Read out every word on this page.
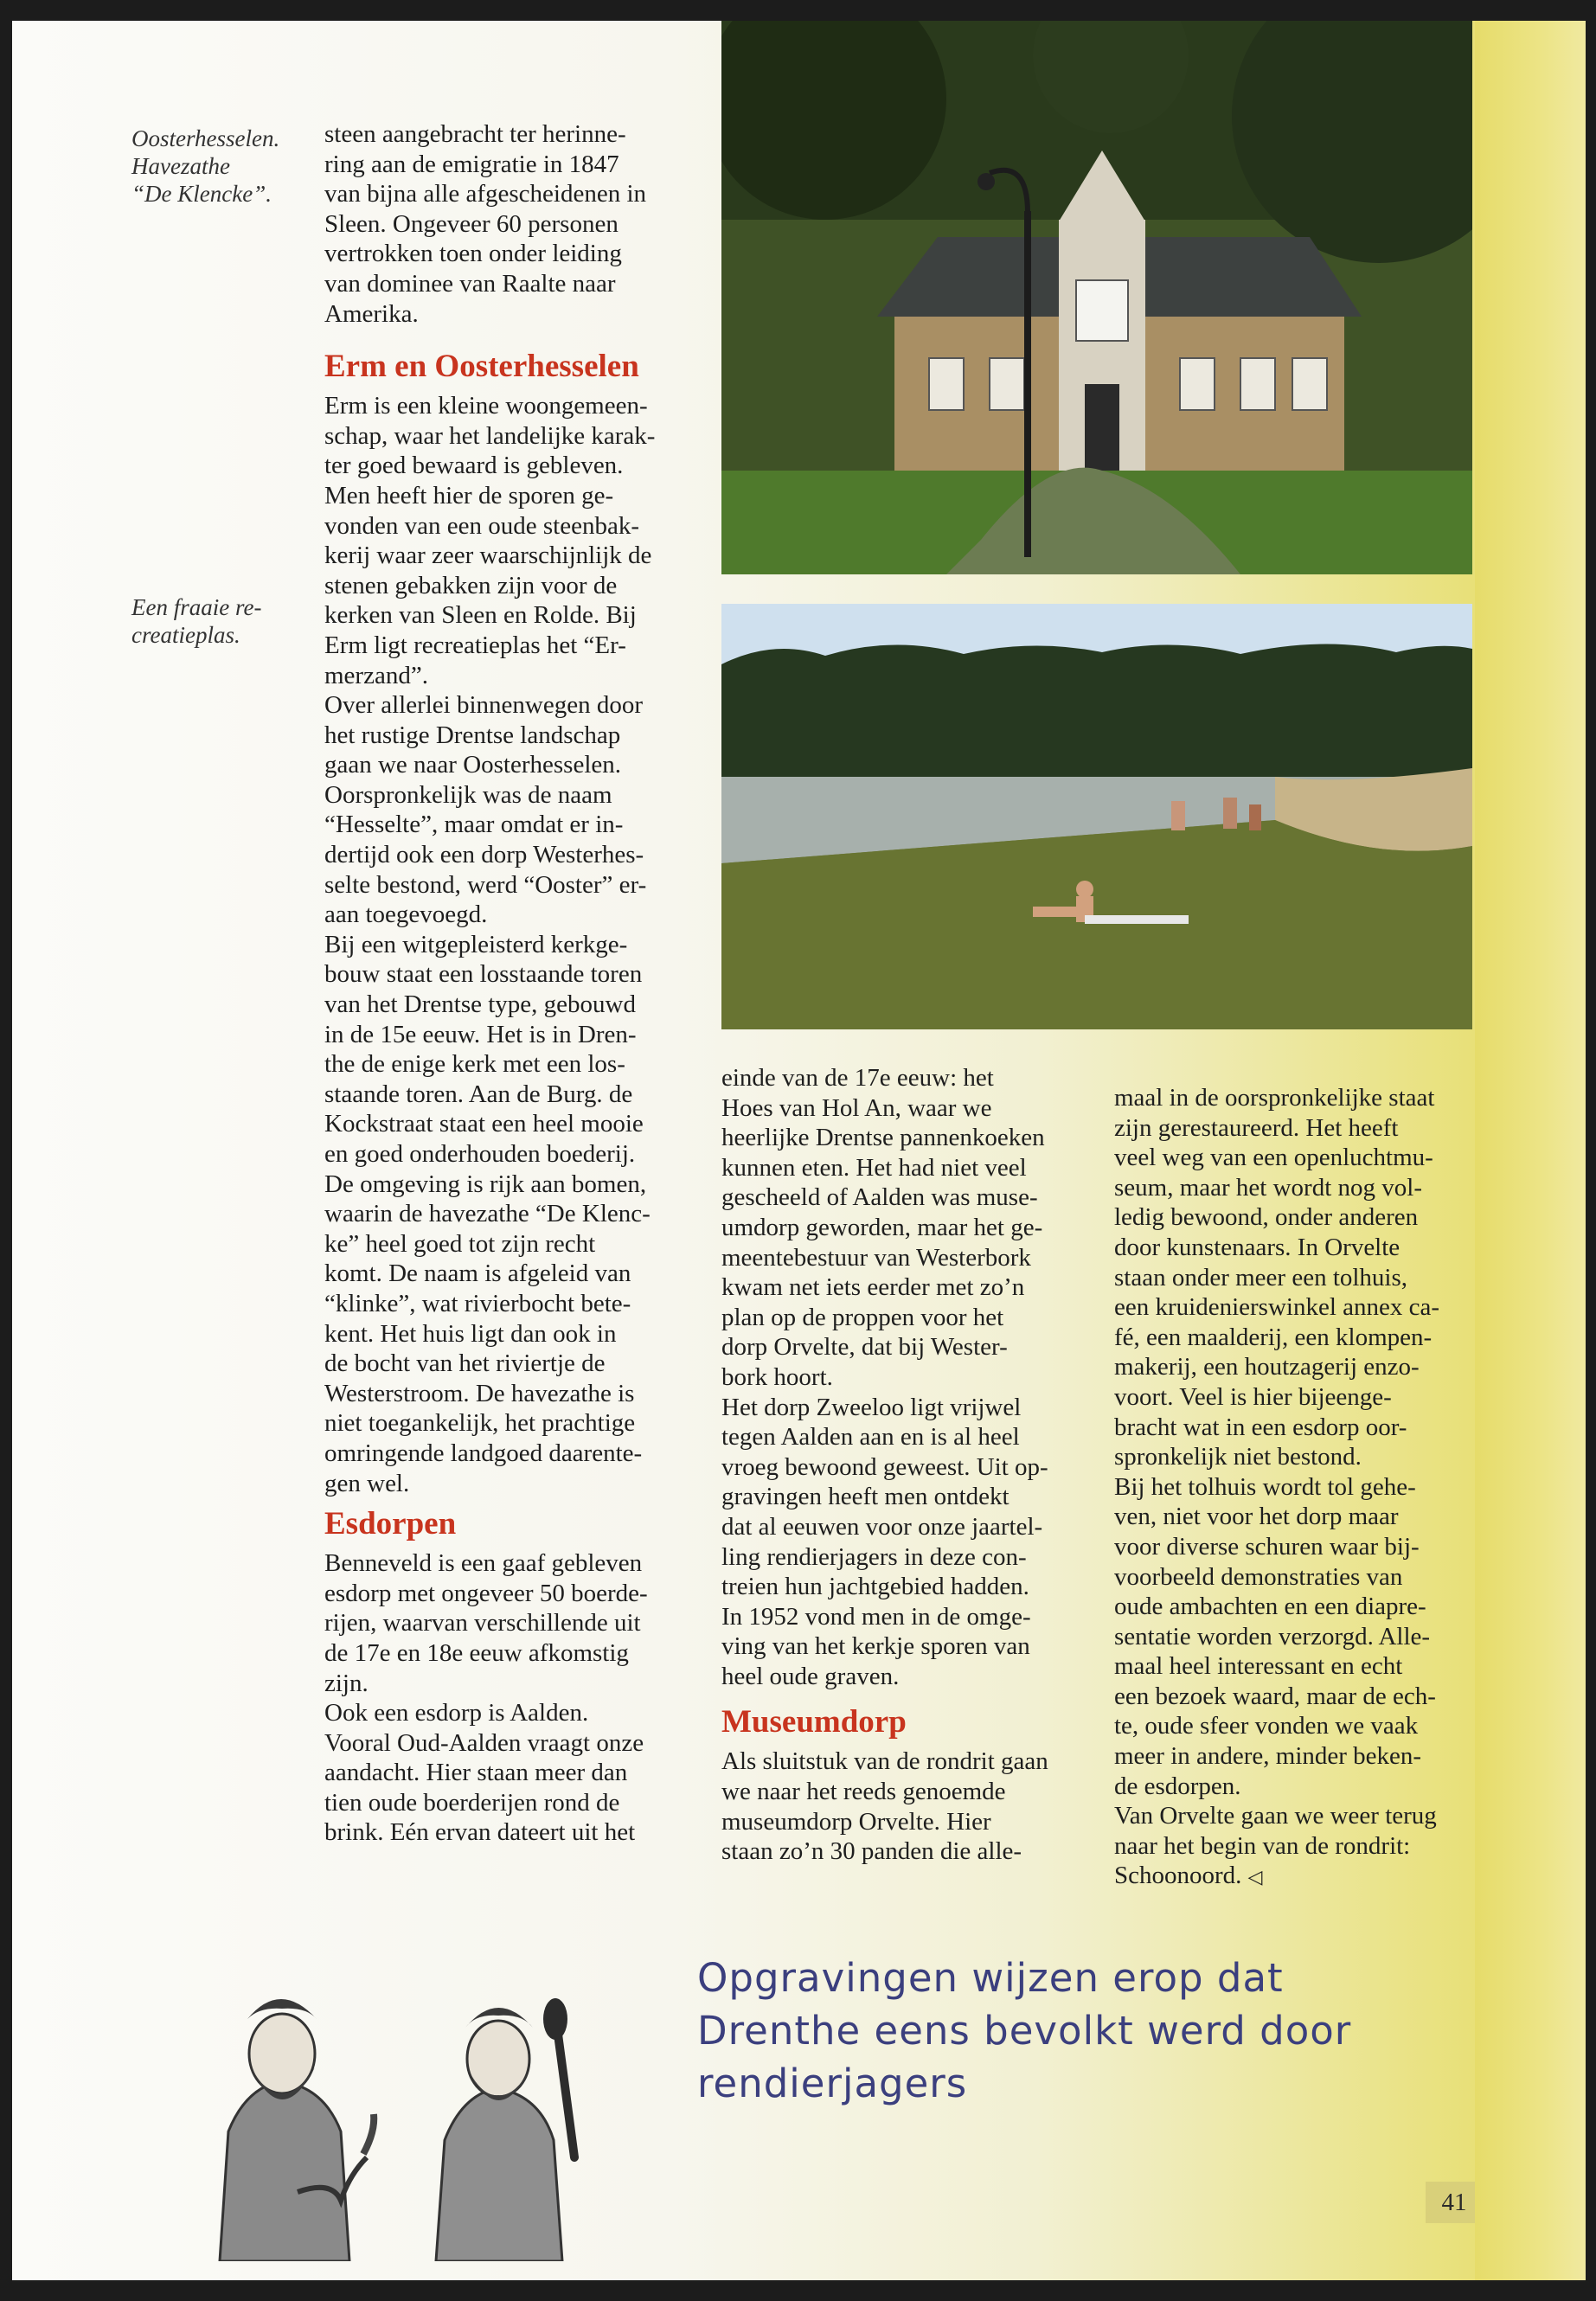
Oosterhesselen.
Havezathe
“De Klencke”.
Een fraaie re-
creatieplas.

steen aangebracht ter herinne-
ring aan de emigratie in 1847
van bijna alle afgescheidenen in
Sleen. Ongeveer 60 personen
vertrokken toen onder leiding
van dominee van Raalte naar
Amerika.

Erm en Oosterhesselen

Erm is een kleine woongemeen-
schap, waar het landelijke karak-
ter goed bewaard is gebleven.
Men heeft hier de sporen ge-
vonden van een oude steenbak-
kerij waar zeer waarschijnlijk de
stenen gebakken zijn voor de
kerken van Sleen en Rolde. Bij
Erm ligt recreatieplas het “Er-
merzand”.
Over allerlei binnenwegen door
het rustige Drentse landschap
gaan we naar Oosterhesselen.
Oorspronkelijk was de naam
“Hesselte”, maar omdat er in-
dertijd ook een dorp Westerhes-
selte bestond, werd “Ooster” er-
aan toegevoegd.
Bij een witgepleisterd kerkge-
bouw staat een losstaande toren
van het Drentse type, gebouwd
in de 15e eeuw. Het is in Dren-
the de enige kerk met een los-
staande toren. Aan de Burg. de
Kockstraat staat een heel mooie
en goed onderhouden boederij.
De omgeving is rijk aan bomen,
waarin de havezathe “De Klenc-
ke” heel goed tot zijn recht
komt. De naam is afgeleid van
“klinke”, wat rivierbocht bete-
kent. Het huis ligt dan ook in
de bocht van het riviertje de
Westerstroom. De havezathe is
niet toegankelijk, het prachtige
omringende landgoed daarente-
gen wel.

Esdorpen

Benneveld is een gaaf gebleven
esdorp met ongeveer 50 boerde-
rijen, waarvan verschillende uit
de 17e en 18e eeuw afkomstig
zijn.
Ook een esdorp is Aalden.
Vooral Oud-Aalden vraagt onze
aandacht. Hier staan meer dan
tien oude boerderijen rond de
brink. Eén ervan dateert uit het

einde van de 17e eeuw: het
Hoes van Hol An, waar we
heerlijke Drentse pannenkoeken
kunnen eten. Het had niet veel
gescheeld of Aalden was muse-
umdorp geworden, maar het ge-
meentebestuur van Westerbork
kwam net iets eerder met zo’n
plan op de proppen voor het
dorp Orvelte, dat bij Wester-
bork hoort.
Het dorp Zweeloo ligt vrijwel
tegen Aalden aan en is al heel
vroeg bewoond geweest. Uit op-
gravingen heeft men ontdekt
dat al eeuwen voor onze jaartel-
ling rendierjagers in deze con-
treien hun jachtgebied hadden.
In 1952 vond men in de omge-
ving van het kerkje sporen van
heel oude graven.

Museumdorp

Als sluitstuk van de rondrit gaan
we naar het reeds genoemde
museumdorp Orvelte. Hier
staan zo’n 30 panden die alle-

maal in de oorspronkelijke staat
zijn gerestaureerd. Het heeft
veel weg van een openluchtmu-
seum, maar het wordt nog vol-
ledig bewoond, onder anderen
door kunstenaars. In Orvelte
staan onder meer een tolhuis,
een kruidenierswinkel annex ca-
fé, een maalderij, een klompen-
makerij, een houtzagerij enzo-
voort. Veel is hier bijeenge-
bracht wat in een esdorp oor-
spronkelijk niet bestond.
Bij het tolhuis wordt tol gehe-
ven, niet voor het dorp maar
voor diverse schuren waar bij-
voorbeeld demonstraties van
oude ambachten en een diapre-
sentatie worden verzorgd. Alle-
maal heel interessant en echt
een bezoek waard, maar de ech-
te, oude sfeer vonden we vaak
meer in andere, minder beken-
de esdorpen.
Van Orvelte gaan we weer terug
naar het begin van de rondrit:
Schoonoord. ◁

Opgravingen wijzen erop dat
Drenthe eens bevolkt werd door
rendierjagers
41
